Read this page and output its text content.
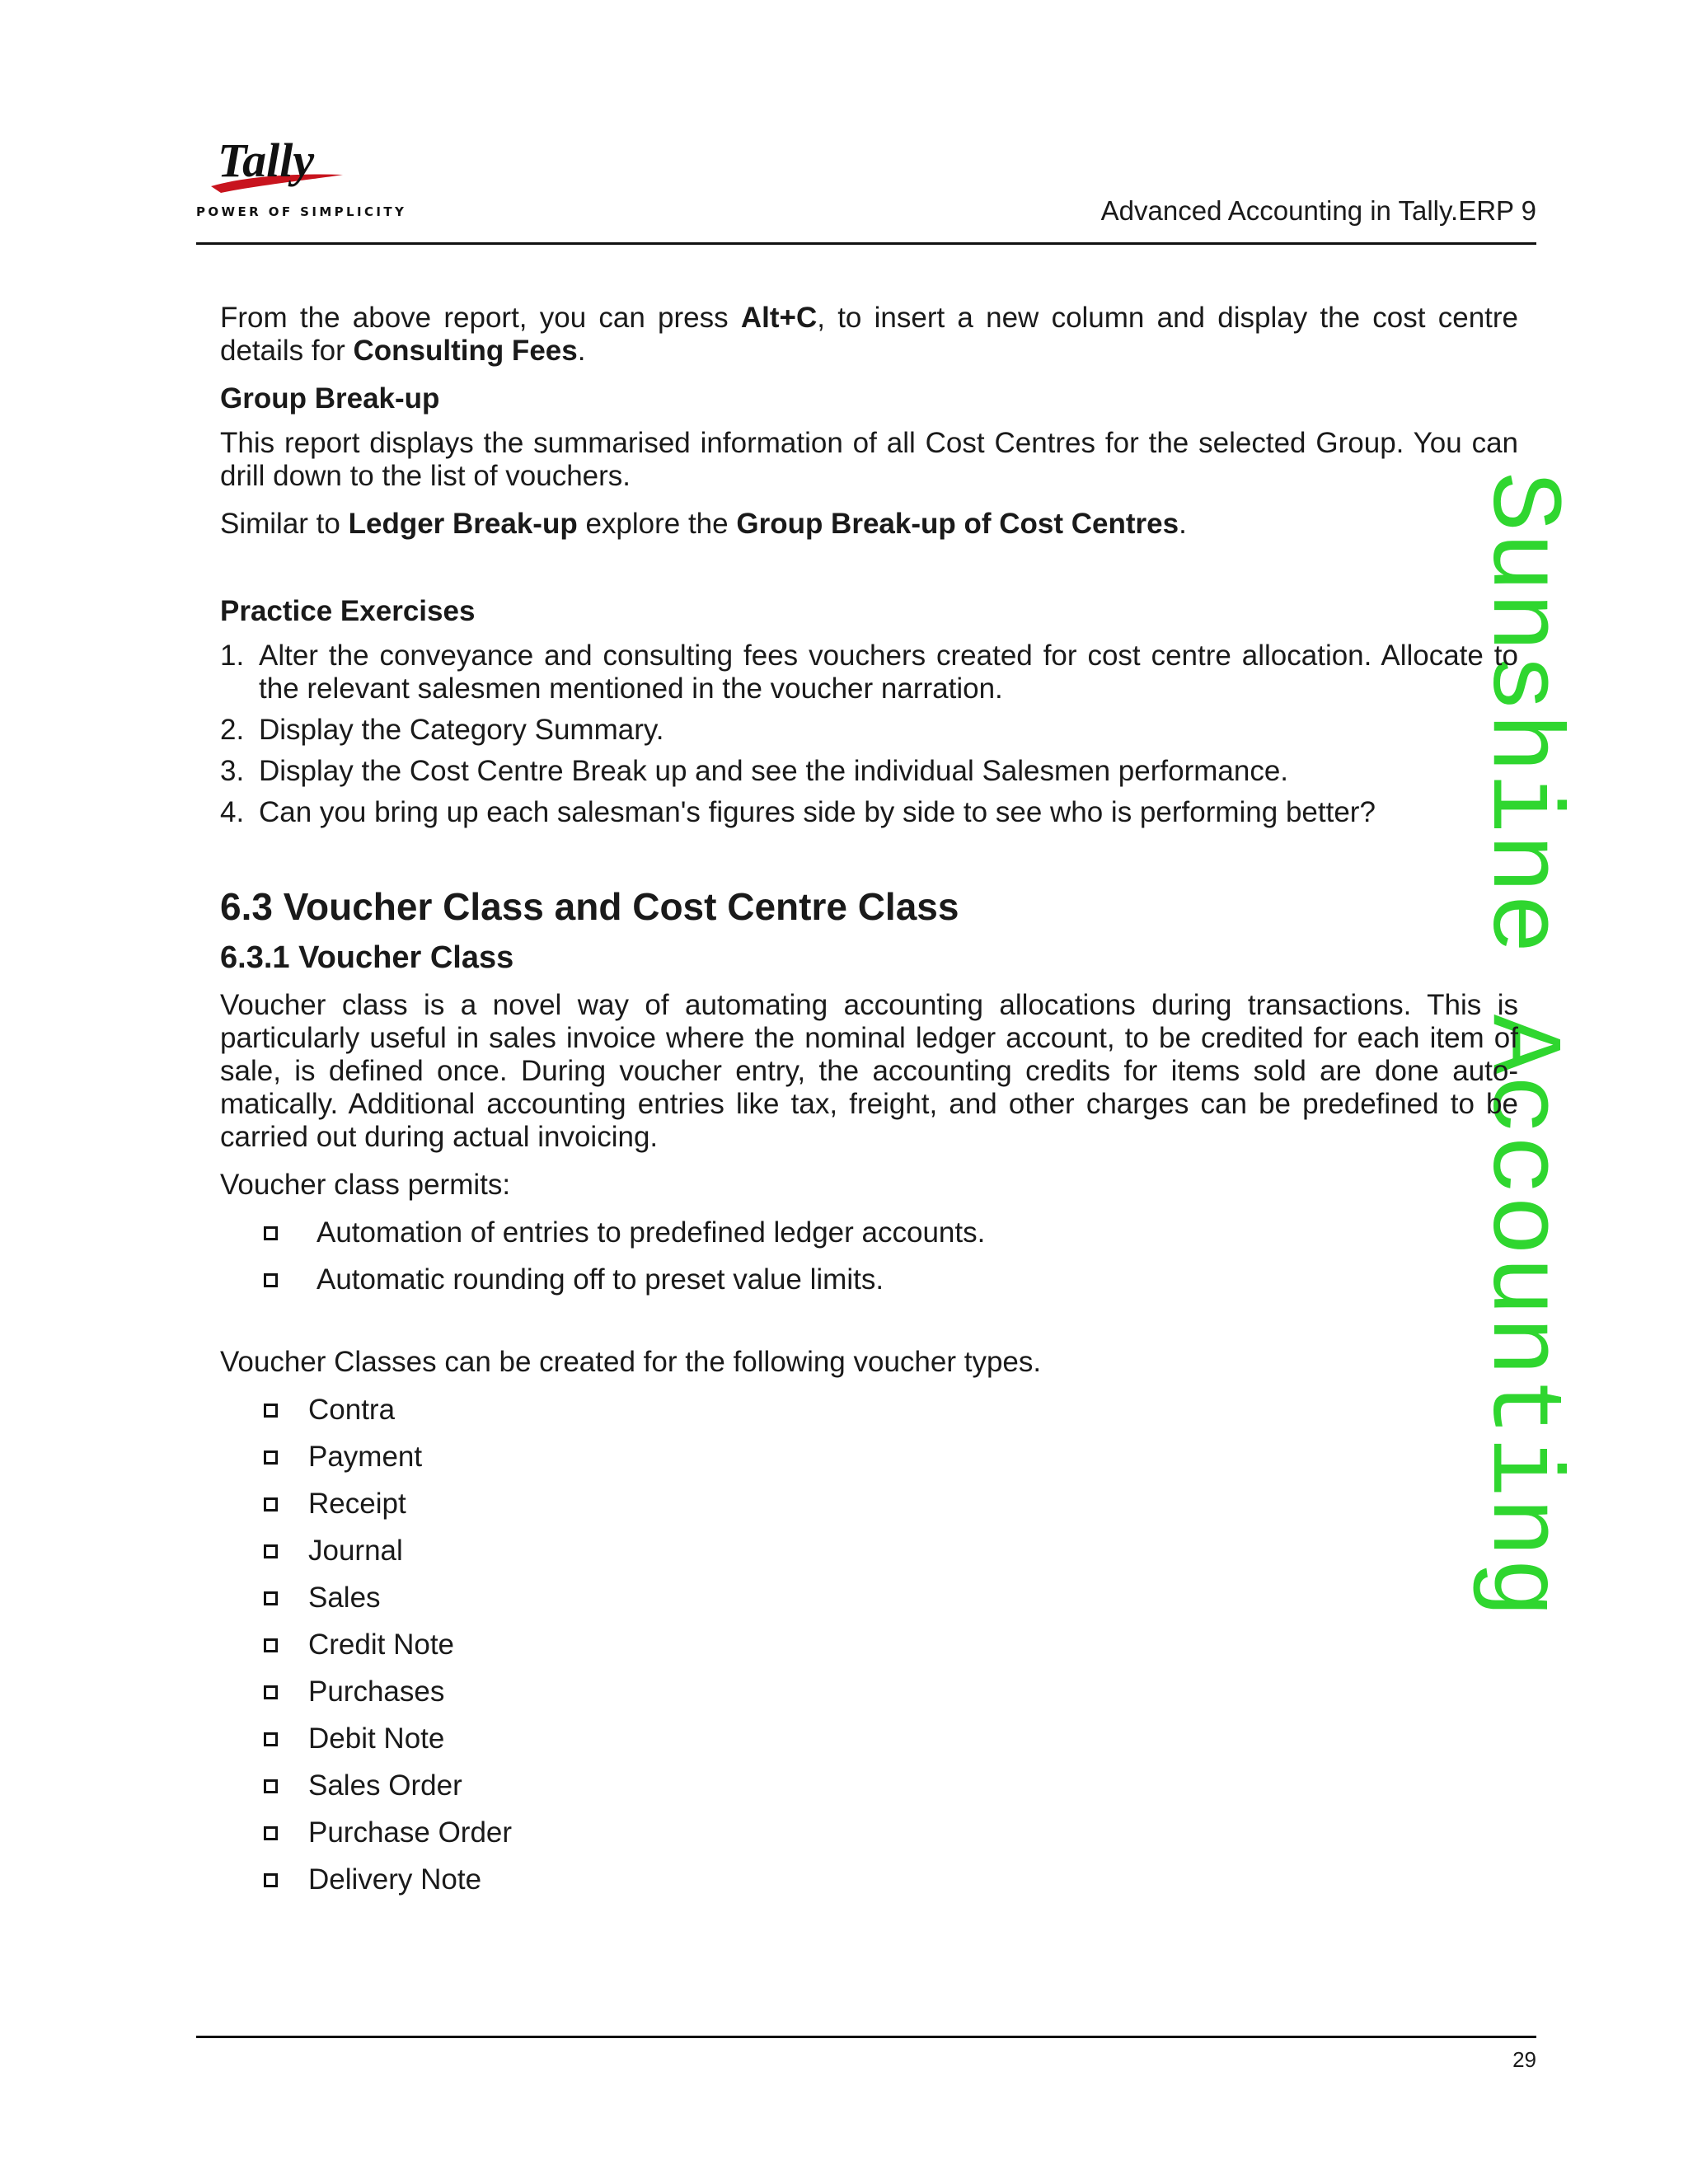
Tally
POWER OF SIMPLICITY	Advanced Accounting in Tally.ERP 9
Sunshine Accounting

From the above report, you can press Alt+C, to insert a new column and display the cost centre details for Consulting Fees.

Group Break-up

This report displays the summarised information of all Cost Centres for the selected Group. You can drill down to the list of vouchers.

Similar to Ledger Break-up explore the Group Break-up of Cost Centres.

Practice Exercises
1. Alter the conveyance and consulting fees vouchers created for cost centre allocation. Allocate to the relevant salesmen mentioned in the voucher narration.
2. Display the Category Summary.
3. Display the Cost Centre Break up and see the individual Salesmen performance.
4. Can you bring up each salesman's figures side by side to see who is performing better?
6.3 Voucher Class and Cost Centre Class
6.3.1 Voucher Class

Voucher class is a novel way of automating accounting allocations during transactions. This is particularly useful in sales invoice where the nominal ledger account, to be credited for each item of sale, is defined once. During voucher entry, the accounting credits for items sold are done auto-matically. Additional accounting entries like tax, freight, and other charges can be predefined to be carried out during actual invoicing.

Voucher class permits:

Automation of entries to predefined ledger accounts.
Automatic rounding off to preset value limits.

Voucher Classes can be created for the following voucher types.

Contra
Payment
Receipt
Journal
Sales
Credit Note
Purchases
Debit Note
Sales Order
Purchase Order
Delivery Note
29
